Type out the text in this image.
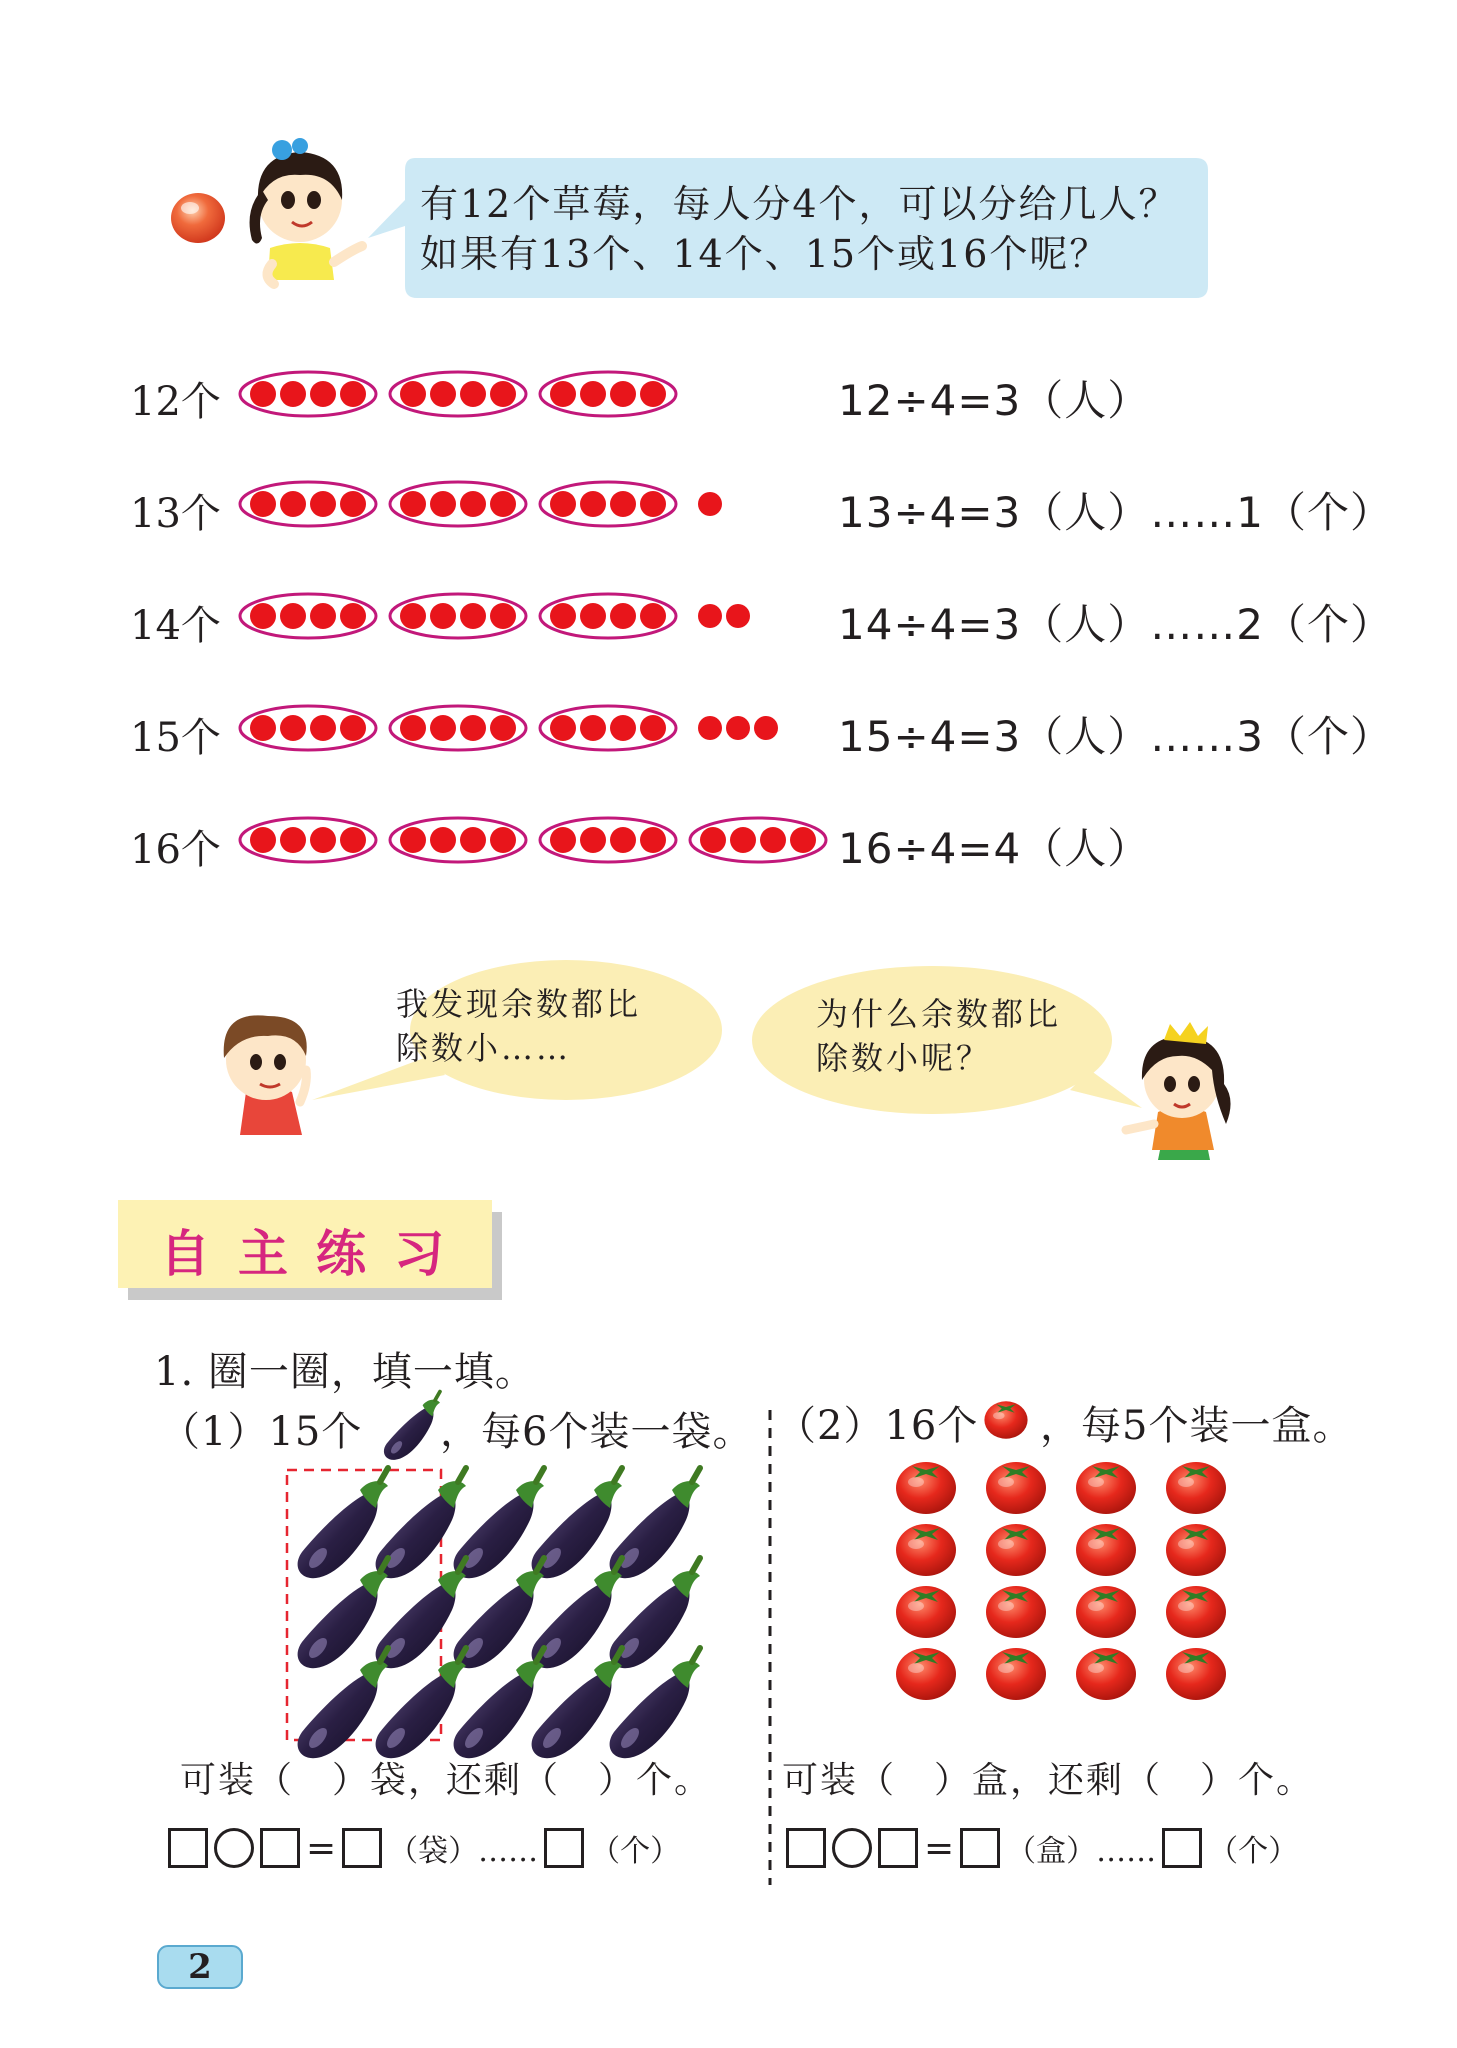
有12个草莓，每人分4个，可以分给几人？
如果有13个、14个、15个或16个呢？
12个	12÷4=3（人）
13个	13÷4=3（人）……1（个）
14个	14÷4=3（人）……2（个）
15个	15÷4=3（人）……3（个）
16个	16÷4=4（人）
我发现余数都比
除数小……
为什么余数都比
除数小呢？
自主练习
1. 圈一圈，填一填。
（1）15个 ，每6个装一袋。 （2）16个 ，每5个装一盒。
可装（　）袋，还剩（　）个。 可装（　）盒，还剩（　）个。
= （袋）…… （个）	= （盒）…… （个）
2
